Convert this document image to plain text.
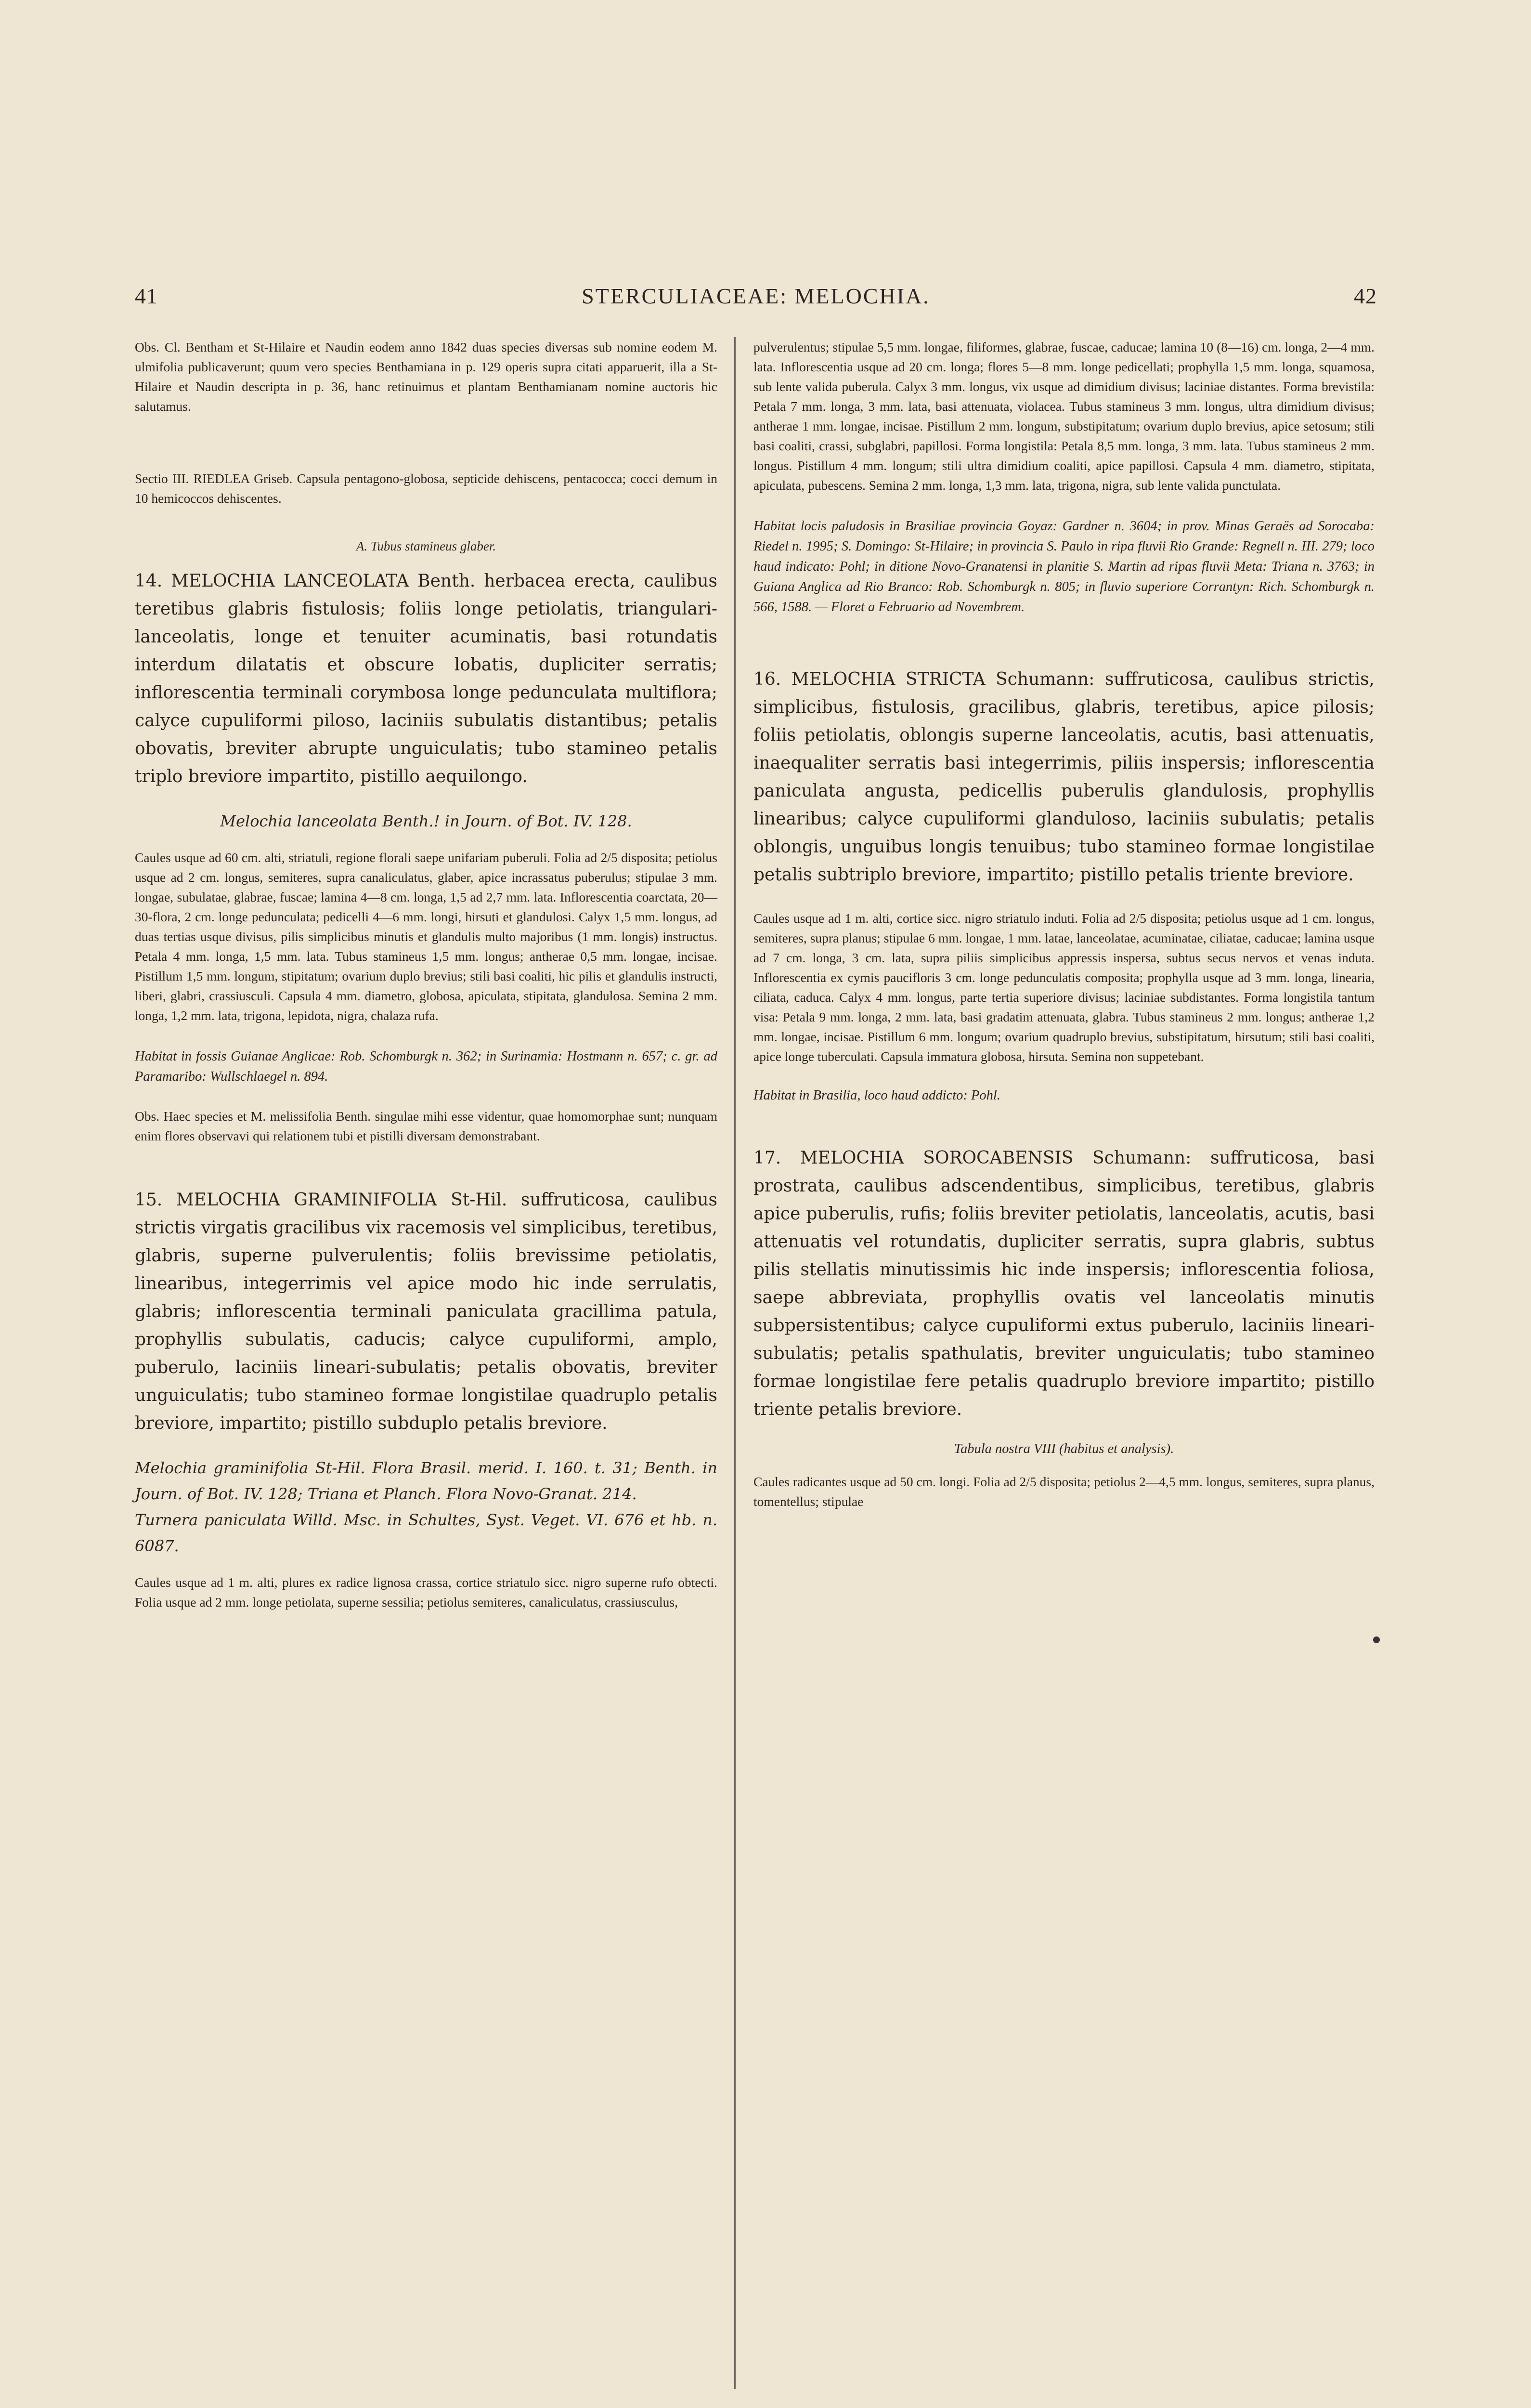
41	STERCULIACEAE: MELOCHIA.	42

Obs. Cl. Bentham et St-Hilaire et Naudin eodem anno 1842 duas species diversas sub nomine eodem M. ulmifolia publicaverunt; quum vero species Benthamiana in p. 129 operis supra citati apparuerit, illa a St-Hilaire et Naudin descripta in p. 36, hanc retinuimus et plantam Benthamianam nomine auctoris hic salutamus.

Sectio III. RIEDLEA Griseb. Capsula pentagono-globosa, septicide dehiscens, pentacocca; cocci demum in 10 hemicoccos dehiscentes.

A. Tubus stamineus glaber.

14. MELOCHIA LANCEOLATA Benth. herbacea erecta, caulibus teretibus glabris fistulosis; foliis longe petiolatis, triangulari-lanceolatis, longe et tenuiter acuminatis, basi rotundatis interdum dilatatis et obscure lobatis, dupliciter serratis; inflorescentia terminali corymbosa longe pedunculata multiflora; calyce cupuliformi piloso, laciniis subulatis distantibus; petalis obovatis, breviter abrupte unguiculatis; tubo stamineo petalis triplo breviore impartito, pistillo aequilongo.

Melochia lanceolata Benth.! in Journ. of Bot. IV. 128.

Caules usque ad 60 cm. alti, striatuli, regione florali saepe unifariam puberuli. Folia ad 2/5 disposita; petiolus usque ad 2 cm. longus, semiteres, supra canaliculatus, glaber, apice incrassatus puberulus; stipulae 3 mm. longae, subulatae, glabrae, fuscae; lamina 4—8 cm. longa, 1,5 ad 2,7 mm. lata. Inflorescentia coarctata, 20—30-flora, 2 cm. longe pedunculata; pedicelli 4—6 mm. longi, hirsuti et glandulosi. Calyx 1,5 mm. longus, ad duas tertias usque divisus, pilis simplicibus minutis et glandulis multo majoribus (1 mm. longis) instructus. Petala 4 mm. longa, 1,5 mm. lata. Tubus stamineus 1,5 mm. longus; antherae 0,5 mm. longae, incisae. Pistillum 1,5 mm. longum, stipitatum; ovarium duplo brevius; stili basi coaliti, hic pilis et glandulis instructi, liberi, glabri, crassiusculi. Capsula 4 mm. diametro, globosa, apiculata, stipitata, glandulosa. Semina 2 mm. longa, 1,2 mm. lata, trigona, lepidota, nigra, chalaza rufa.

Habitat in fossis Guianae Anglicae: Rob. Schomburgk n. 362; in Surinamia: Hostmann n. 657; c. gr. ad Paramaribo: Wullschlaegel n. 894.

Obs. Haec species et M. melissifolia Benth. singulae mihi esse videntur, quae homomorphae sunt; nunquam enim flores observavi qui relationem tubi et pistilli diversam demonstrabant.

15. MELOCHIA GRAMINIFOLIA St-Hil. suffruticosa, caulibus strictis virgatis gracilibus vix racemosis vel simplicibus, teretibus, glabris, superne pulverulentis; foliis brevissime petiolatis, linearibus, integerrimis vel apice modo hic inde serrulatis, glabris; inflorescentia terminali paniculata gracillima patula, prophyllis subulatis, caducis; calyce cupuliformi, amplo, puberulo, laciniis lineari-subulatis; petalis obovatis, breviter unguiculatis; tubo stamineo formae longistilae quadruplo petalis breviore, impartito; pistillo subduplo petalis breviore.

Melochia graminifolia St-Hil. Flora Brasil. merid. I. 160. t. 31; Benth. in Journ. of Bot. IV. 128; Triana et Planch. Flora Novo-Granat. 214.

Turnera paniculata Willd. Msc. in Schultes, Syst. Veget. VI. 676 et hb. n. 6087.

Caules usque ad 1 m. alti, plures ex radice lignosa crassa, cortice striatulo sicc. nigro superne rufo obtecti. Folia usque ad 2 mm. longe petiolata, superne sessilia; petiolus semiteres, canaliculatus, crassiusculus,

pulverulentus; stipulae 5,5 mm. longae, filiformes, glabrae, fuscae, caducae; lamina 10 (8—16) cm. longa, 2—4 mm. lata. Inflorescentia usque ad 20 cm. longa; flores 5—8 mm. longe pedicellati; prophylla 1,5 mm. longa, squamosa, sub lente valida puberula. Calyx 3 mm. longus, vix usque ad dimidium divisus; laciniae distantes. Forma brevistila: Petala 7 mm. longa, 3 mm. lata, basi attenuata, violacea. Tubus stamineus 3 mm. longus, ultra dimidium divisus; antherae 1 mm. longae, incisae. Pistillum 2 mm. longum, substipitatum; ovarium duplo brevius, apice setosum; stili basi coaliti, crassi, subglabri, papillosi. Forma longistila: Petala 8,5 mm. longa, 3 mm. lata. Tubus stamineus 2 mm. longus. Pistillum 4 mm. longum; stili ultra dimidium coaliti, apice papillosi. Capsula 4 mm. diametro, stipitata, apiculata, pubescens. Semina 2 mm. longa, 1,3 mm. lata, trigona, nigra, sub lente valida punctulata.

Habitat locis paludosis in Brasiliae provincia Goyaz: Gardner n. 3604; in prov. Minas Geraës ad Sorocaba: Riedel n. 1995; S. Domingo: St-Hilaire; in provincia S. Paulo in ripa fluvii Rio Grande: Regnell n. III. 279; loco haud indicato: Pohl; in ditione Novo-Granatensi in planitie S. Martin ad ripas fluvii Meta: Triana n. 3763; in Guiana Anglica ad Rio Branco: Rob. Schomburgk n. 805; in fluvio superiore Corrantyn: Rich. Schomburgk n. 566, 1588. — Floret a Februario ad Novembrem.

16. MELOCHIA STRICTA Schumann: suffruticosa, caulibus strictis, simplicibus, fistulosis, gracilibus, glabris, teretibus, apice pilosis; foliis petiolatis, oblongis superne lanceolatis, acutis, basi attenuatis, inaequaliter serratis basi integerrimis, piliis inspersis; inflorescentia paniculata angusta, pedicellis puberulis glandulosis, prophyllis linearibus; calyce cupuliformi glanduloso, laciniis subulatis; petalis oblongis, unguibus longis tenuibus; tubo stamineo formae longistilae petalis subtriplo breviore, impartito; pistillo petalis triente breviore.

Caules usque ad 1 m. alti, cortice sicc. nigro striatulo induti. Folia ad 2/5 disposita; petiolus usque ad 1 cm. longus, semiteres, supra planus; stipulae 6 mm. longae, 1 mm. latae, lanceolatae, acuminatae, ciliatae, caducae; lamina usque ad 7 cm. longa, 3 cm. lata, supra piliis simplicibus appressis inspersa, subtus secus nervos et venas induta. Inflorescentia ex cymis paucifloris 3 cm. longe pedunculatis composita; prophylla usque ad 3 mm. longa, linearia, ciliata, caduca. Calyx 4 mm. longus, parte tertia superiore divisus; laciniae subdistantes. Forma longistila tantum visa: Petala 9 mm. longa, 2 mm. lata, basi gradatim attenuata, glabra. Tubus stamineus 2 mm. longus; antherae 1,2 mm. longae, incisae. Pistillum 6 mm. longum; ovarium quadruplo brevius, substipitatum, hirsutum; stili basi coaliti, apice longe tuberculati. Capsula immatura globosa, hirsuta. Semina non suppetebant.

Habitat in Brasilia, loco haud addicto: Pohl.

17. MELOCHIA SOROCABENSIS Schumann: suffruticosa, basi prostrata, caulibus adscendentibus, simplicibus, teretibus, glabris apice puberulis, rufis; foliis breviter petiolatis, lanceolatis, acutis, basi attenuatis vel rotundatis, dupliciter serratis, supra glabris, subtus pilis stellatis minutissimis hic inde inspersis; inflorescentia foliosa, saepe abbreviata, prophyllis ovatis vel lanceolatis minutis subpersistentibus; calyce cupuliformi extus puberulo, laciniis lineari-subulatis; petalis spathulatis, breviter unguiculatis; tubo stamineo formae longistilae fere petalis quadruplo breviore impartito; pistillo triente petalis breviore.

Tabula nostra VIII (habitus et analysis).

Caules radicantes usque ad 50 cm. longi. Folia ad 2/5 disposita; petiolus 2—4,5 mm. longus, semiteres, supra planus, tomentellus; stipulae
